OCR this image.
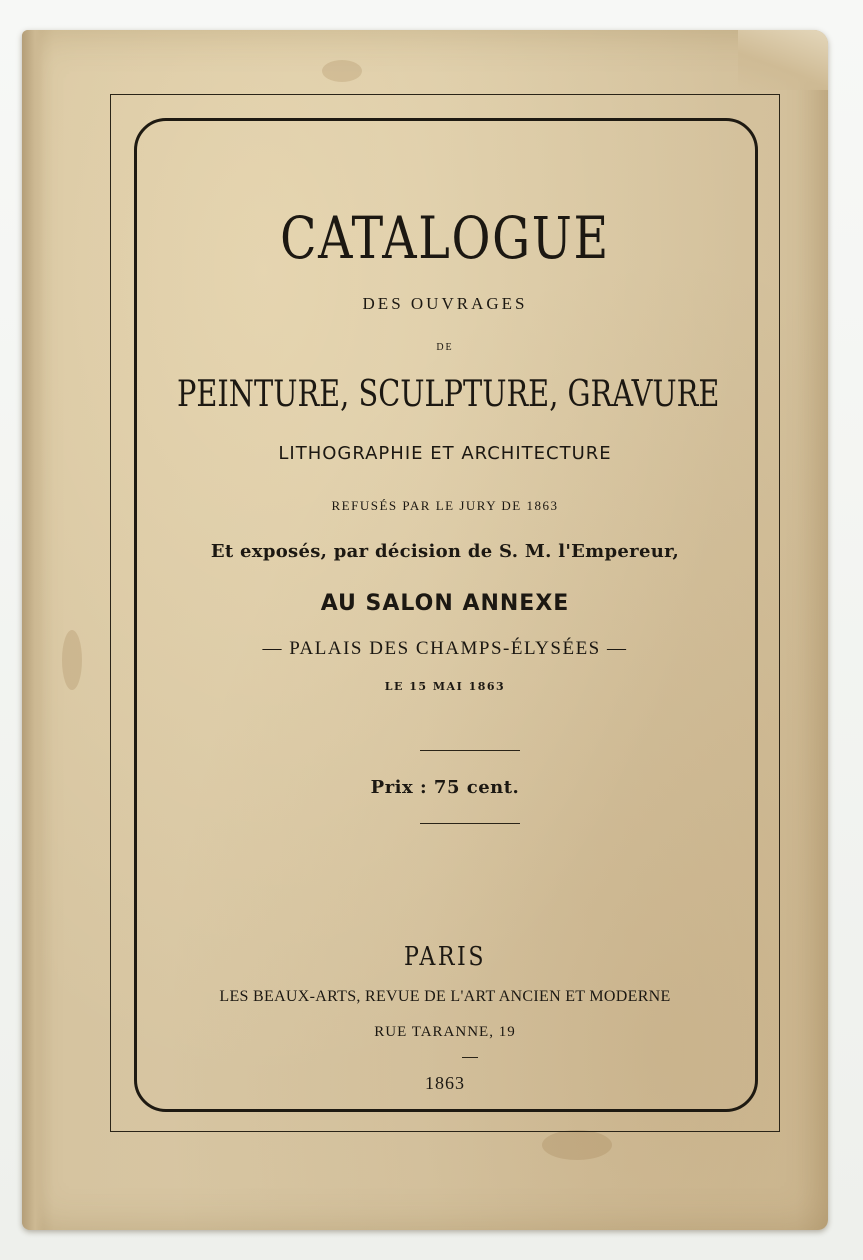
CATALOGUE
DES OUVRAGES
DE
PEINTURE, SCULPTURE, GRAVURE
LITHOGRAPHIE ET ARCHITECTURE
REFUSÉS PAR LE JURY DE 1863
Et exposés, par décision de S. M. l'Empereur,
AU SALON ANNEXE
— PALAIS DES CHAMPS-ÉLYSÉES —
LE 15 MAI 1863
Prix : 75 cent.
PARIS
LES BEAUX-ARTS, REVUE DE L'ART ANCIEN ET MODERNE
RUE TARANNE, 19
1863
